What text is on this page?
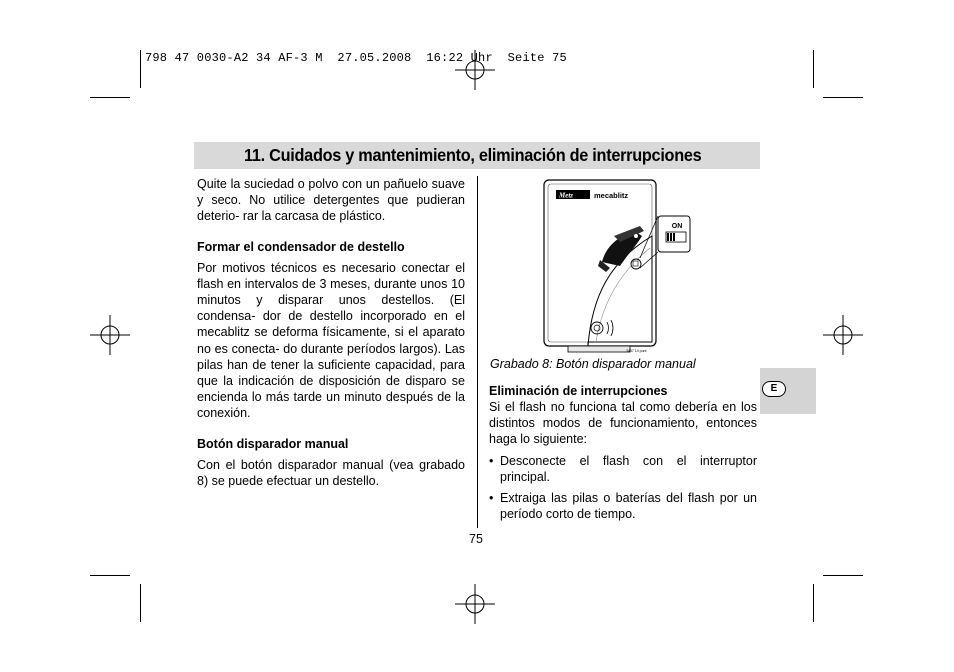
798 47 0030-A2 34 AF-3 M  27.05.2008  16:22 Uhr  Seite 75
11. Cuidados y mantenimiento, eliminación de interrupciones

Quite la suciedad o polvo con un pañuelo suave y seco. No utilice detergentes que pudieran deterio- rar la carcasa de plástico.

Formar el condensador de destello

Por motivos técnicos es necesario conectar el flash en intervalos de 3 meses, durante unos 10 minutos y disparar unos destellos. (El condensa- dor de destello incorporado en el mecablitz se deforma físicamente, si el aparato no es conecta- do durante períodos largos). Las pilas han de tener la suficiente capacidad, para que la indicación de disposición de disparo se encienda lo más tarde un minuto después de la conexión.

Botón disparador manual

Con el botón disparador manual (vea grabado 8) se puede efectuar un destello.

Metz	mecablitz
ON
3437 14 punt
Grabado 8: Botón disparador manual
Eliminación de interrupciones

Si el flash no funciona tal como debería en los distintos modos de funcionamiento, entonces haga lo siguiente:

• Desconecte el flash con el interruptor principal.
• Extraiga las pilas o baterías del flash por un período corto de tiempo.
75
E
